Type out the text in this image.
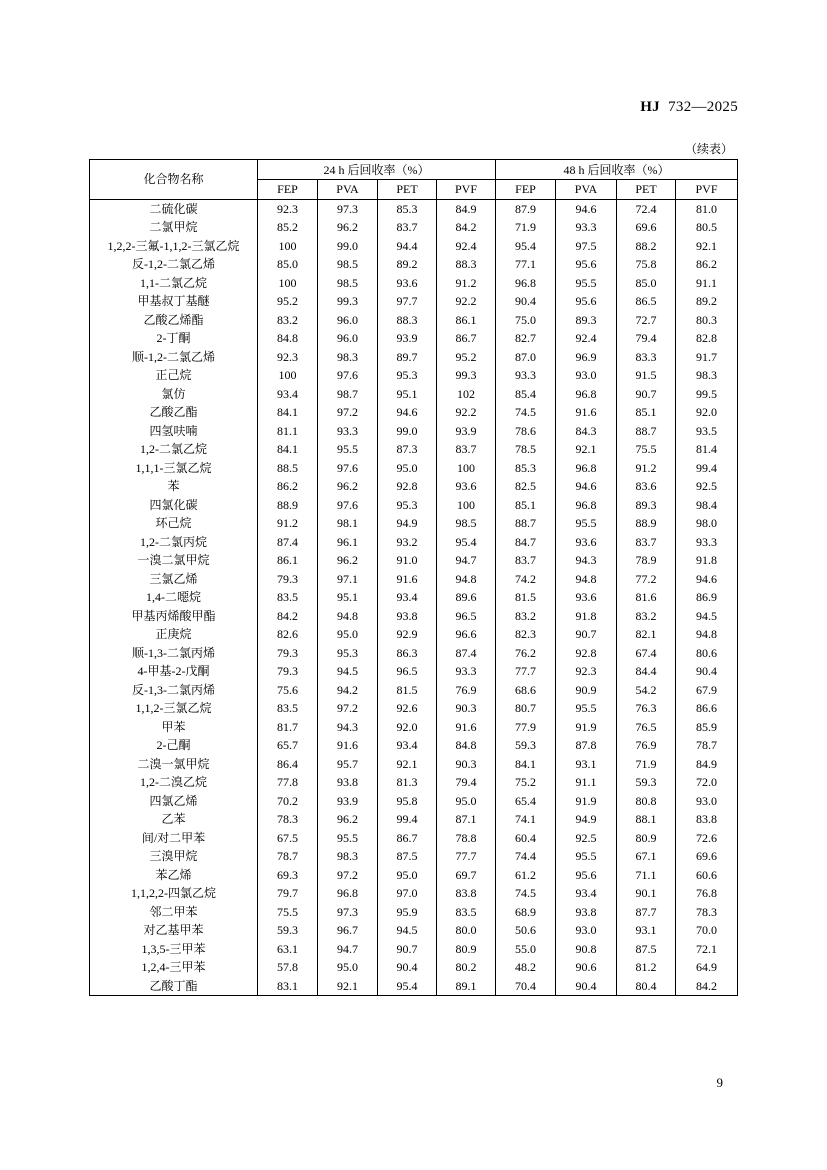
HJ 732—2025
（续表）
化合物名称	24 h 后回收率（%）				48 h 后回收率（%）			
	FEP	PVA	PET	PVF	FEP	PVA	PET	PVF
二硫化碳	92.3	97.3	85.3	84.9	87.9	94.6	72.4	81.0
二氯甲烷	85.2	96.2	83.7	84.2	71.9	93.3	69.6	80.5
1,2,2-三氟-1,1,2-三氯乙烷	100	99.0	94.4	92.4	95.4	97.5	88.2	92.1
反-1,2-二氯乙烯	85.0	98.5	89.2	88.3	77.1	95.6	75.8	86.2
1,1-二氯乙烷	100	98.5	93.6	91.2	96.8	95.5	85.0	91.1
甲基叔丁基醚	95.2	99.3	97.7	92.2	90.4	95.6	86.5	89.2
乙酸乙烯酯	83.2	96.0	88.3	86.1	75.0	89.3	72.7	80.3
2-丁酮	84.8	96.0	93.9	86.7	82.7	92.4	79.4	82.8
顺-1,2-二氯乙烯	92.3	98.3	89.7	95.2	87.0	96.9	83.3	91.7
正己烷	100	97.6	95.3	99.3	93.3	93.0	91.5	98.3
氯仿	93.4	98.7	95.1	102	85.4	96.8	90.7	99.5
乙酸乙酯	84.1	97.2	94.6	92.2	74.5	91.6	85.1	92.0
四氢呋喃	81.1	93.3	99.0	93.9	78.6	84.3	88.7	93.5
1,2-二氯乙烷	84.1	95.5	87.3	83.7	78.5	92.1	75.5	81.4
1,1,1-三氯乙烷	88.5	97.6	95.0	100	85.3	96.8	91.2	99.4
苯	86.2	96.2	92.8	93.6	82.5	94.6	83.6	92.5
四氯化碳	88.9	97.6	95.3	100	85.1	96.8	89.3	98.4
环己烷	91.2	98.1	94.9	98.5	88.7	95.5	88.9	98.0
1,2-二氯丙烷	87.4	96.1	93.2	95.4	84.7	93.6	83.7	93.3
一溴二氯甲烷	86.1	96.2	91.0	94.7	83.7	94.3	78.9	91.8
三氯乙烯	79.3	97.1	91.6	94.8	74.2	94.8	77.2	94.6
1,4-二噁烷	83.5	95.1	93.4	89.6	81.5	93.6	81.6	86.9
甲基丙烯酸甲酯	84.2	94.8	93.8	96.5	83.2	91.8	83.2	94.5
正庚烷	82.6	95.0	92.9	96.6	82.3	90.7	82.1	94.8
顺-1,3-二氯丙烯	79.3	95.3	86.3	87.4	76.2	92.8	67.4	80.6
4-甲基-2-戊酮	79.3	94.5	96.5	93.3	77.7	92.3	84.4	90.4
反-1,3-二氯丙烯	75.6	94.2	81.5	76.9	68.6	90.9	54.2	67.9
1,1,2-三氯乙烷	83.5	97.2	92.6	90.3	80.7	95.5	76.3	86.6
甲苯	81.7	94.3	92.0	91.6	77.9	91.9	76.5	85.9
2-己酮	65.7	91.6	93.4	84.8	59.3	87.8	76.9	78.7
二溴一氯甲烷	86.4	95.7	92.1	90.3	84.1	93.1	71.9	84.9
1,2-二溴乙烷	77.8	93.8	81.3	79.4	75.2	91.1	59.3	72.0
四氯乙烯	70.2	93.9	95.8	95.0	65.4	91.9	80.8	93.0
乙苯	78.3	96.2	99.4	87.1	74.1	94.9	88.1	83.8
间/对二甲苯	67.5	95.5	86.7	78.8	60.4	92.5	80.9	72.6
三溴甲烷	78.7	98.3	87.5	77.7	74.4	95.5	67.1	69.6
苯乙烯	69.3	97.2	95.0	69.7	61.2	95.6	71.1	60.6
1,1,2,2-四氯乙烷	79.7	96.8	97.0	83.8	74.5	93.4	90.1	76.8
邻二甲苯	75.5	97.3	95.9	83.5	68.9	93.8	87.7	78.3
对乙基甲苯	59.3	96.7	94.5	80.0	50.6	93.0	93.1	70.0
1,3,5-三甲苯	63.1	94.7	90.7	80.9	55.0	90.8	87.5	72.1
1,2,4-三甲苯	57.8	95.0	90.4	80.2	48.2	90.6	81.2	64.9
乙酸丁酯	83.1	92.1	95.4	89.1	70.4	90.4	80.4	84.2
9
